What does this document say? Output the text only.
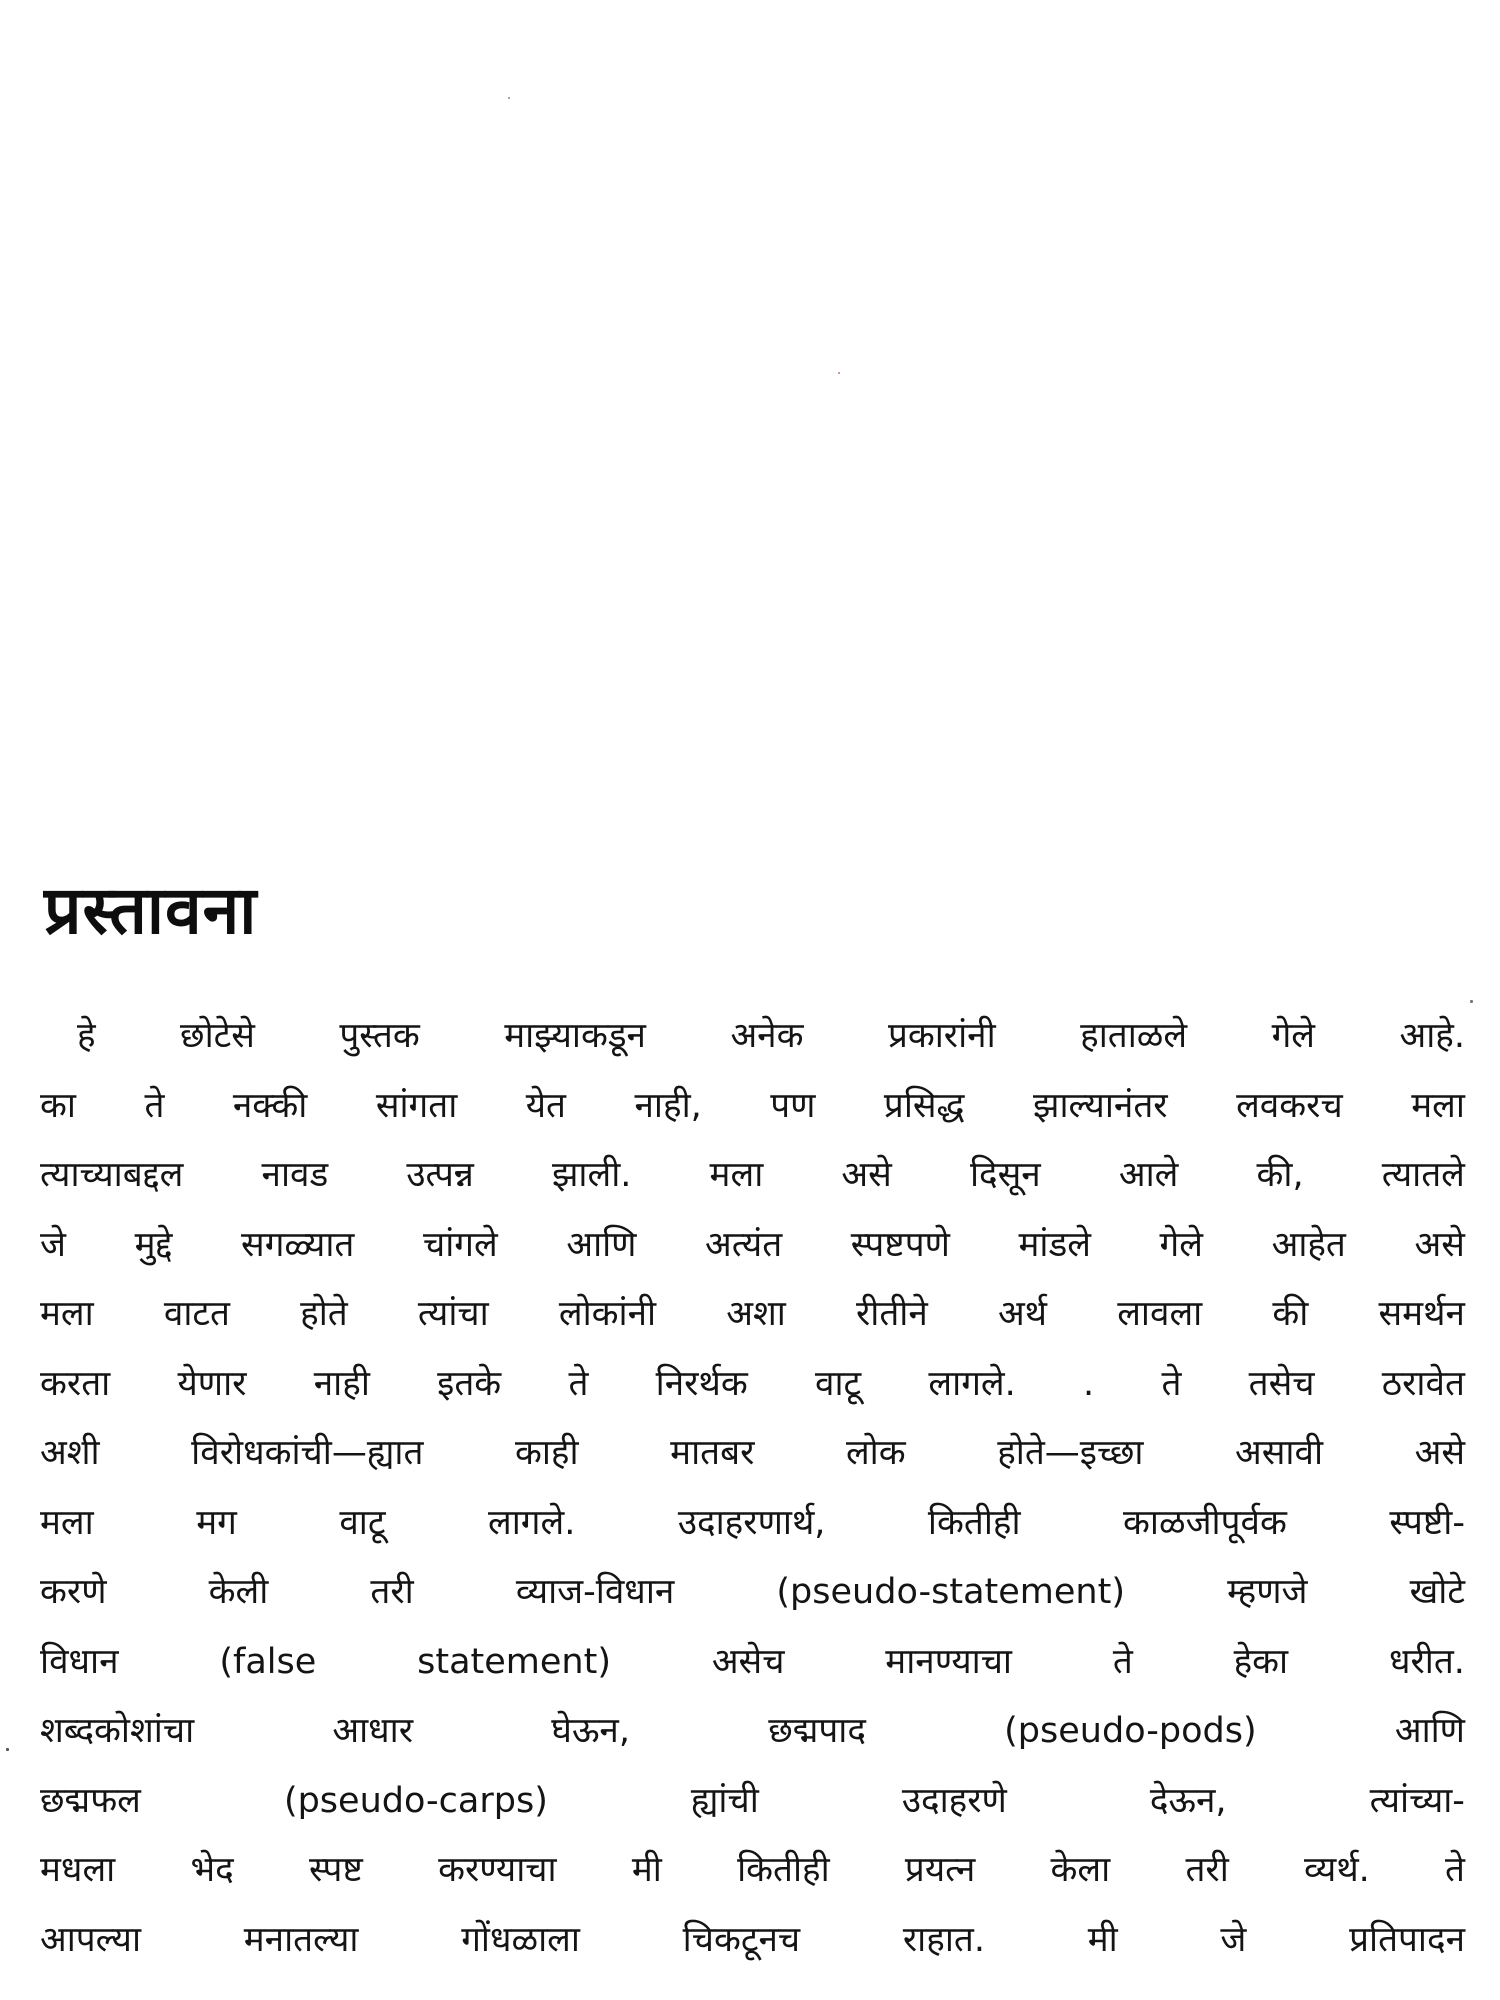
प्रस्तावना
हे छोटेसे पुस्तक माझ्याकडून अनेक प्रकारांनी हाताळले गेले आहे.
का ते नक्की सांगता येत नाही, पण प्रसिद्ध झाल्यानंतर लवकरच मला
त्याच्याबद्दल नावड उत्पन्न झाली. मला असे दिसून आले की, त्यातले
जे मुद्दे सगळ्यात चांगले आणि अत्यंत स्पष्टपणे मांडले गेले आहेत असे
मला वाटत होते त्यांचा लोकांनी अशा रीतीने अर्थ लावला की समर्थन
करता येणार नाही इतके ते निरर्थक वाटू लागले. . ते तसेच ठरावेत
अशी	विरोधकांची—ह्यात	काही	मातबर	लोक	होते—इच्छा	असावी	असे
मला	मग	वाटू	लागले.	उदाहरणार्थ,	कितीही	काळजीपूर्वक	स्पष्टी-
करणे	केली	तरी	व्याज-विधान	(pseudo-statement)	म्हणजे	खोटे
विधान	(false	statement)	असेच	मानण्याचा	ते	हेका	धरीत.
शब्दकोशांचा	आधार	घेऊन,	छद्मपाद	(pseudo-pods)	आणि
छद्मफल	(pseudo-carps)	ह्यांची	उदाहरणे	देऊन,	त्यांच्या-
मधला भेद स्पष्ट करण्याचा मी कितीही प्रयत्न केला तरी व्यर्थ. ते
आपल्या	मनातल्या	गोंधळाला	चिकटूनच	राहात.	मी	जे	प्रतिपादन
